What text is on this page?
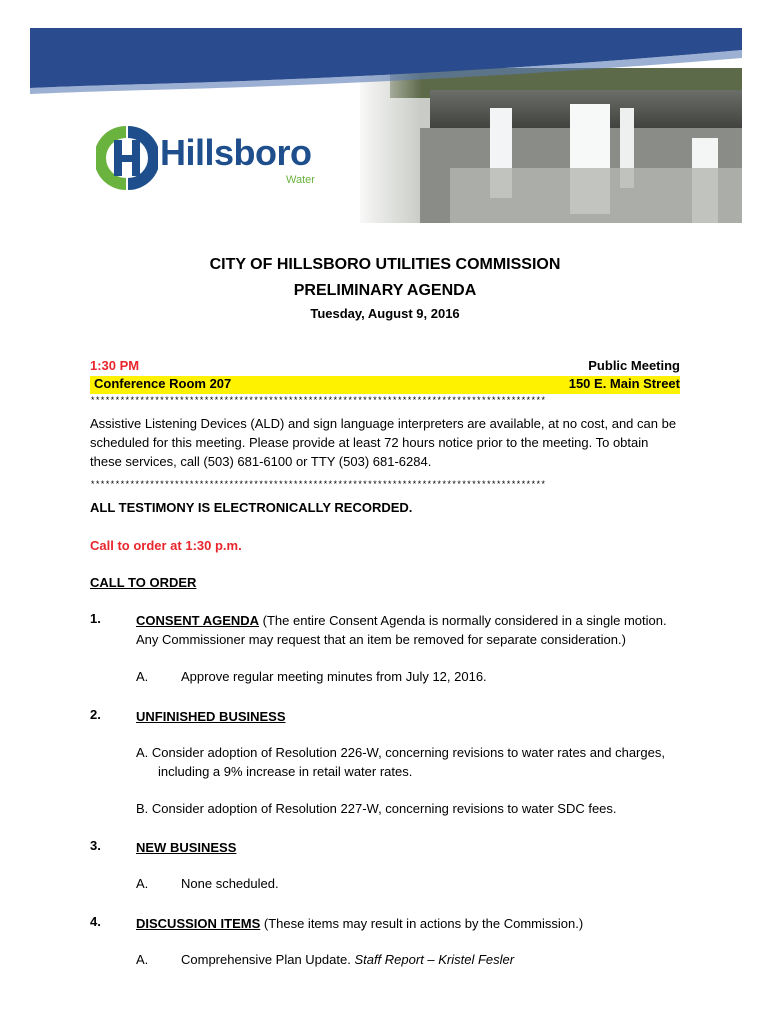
Hillsboro
Water
CITY OF HILLSBORO UTILITIES COMMISSION
PRELIMINARY AGENDA
Tuesday, August 9, 2016
1:30 PM	Public Meeting
Conference Room 207	150 E. Main Street
********************************************************************************************
Assistive Listening Devices (ALD) and sign language interpreters are available, at no cost, and can be scheduled for this meeting. Please provide at least 72 hours notice prior to the meeting. To obtain these services, call (503) 681-6100 or TTY (503) 681-6284.
********************************************************************************************
ALL TESTIMONY IS ELECTRONICALLY RECORDED.
Call to order at 1:30 p.m.
CALL TO ORDER
1.	CONSENT AGENDA (The entire Consent Agenda is normally considered in a single motion. Any Commissioner may request that an item be removed for separate consideration.)
A.	Approve regular meeting minutes from July 12, 2016.
2.	UNFINISHED BUSINESS
A. Consider adoption of Resolution 226-W, concerning revisions to water rates and charges,
including a 9% increase in retail water rates.
B. Consider adoption of Resolution 227-W, concerning revisions to water SDC fees.
3.	NEW BUSINESS
A.	None scheduled.
4.	DISCUSSION ITEMS (These items may result in actions by the Commission.)
A.	Comprehensive Plan Update. Staff Report – Kristel Fesler
